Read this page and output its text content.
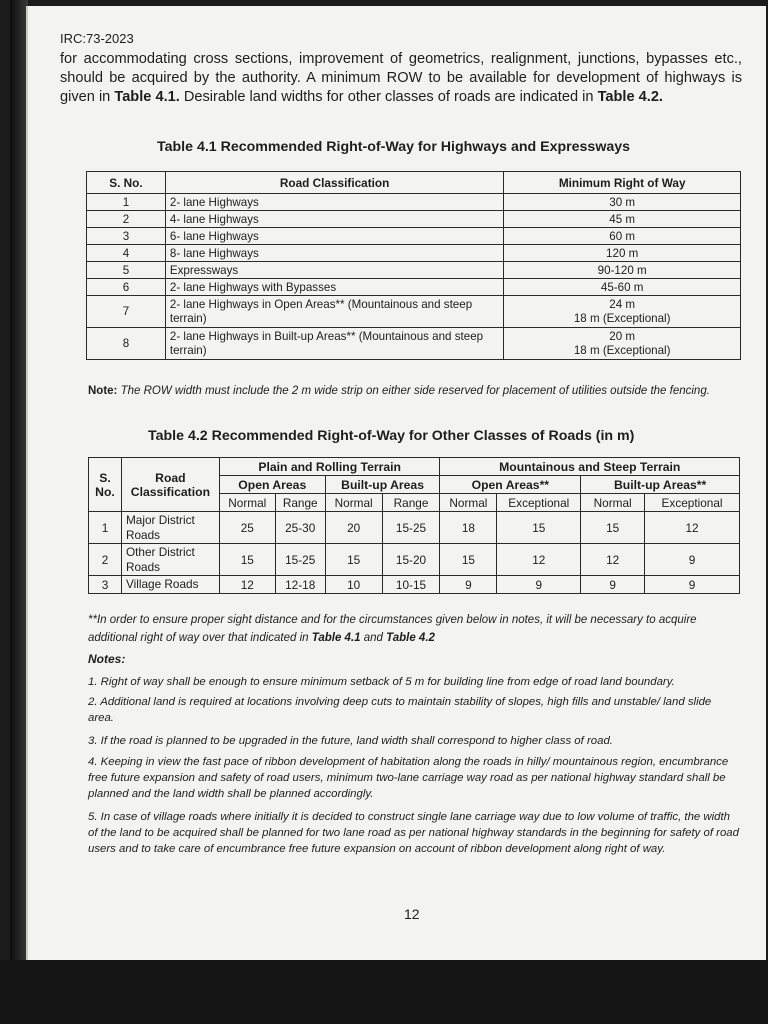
IRC:73-2023

for accommodating cross sections, improvement of geometrics, realignment, junctions, bypasses etc., should be acquired by the authority. A minimum ROW to be available for development of highways is given in Table 4.1. Desirable land widths for other classes of roads are indicated in Table 4.2.

Table 4.1 Recommended Right-of-Way for Highways and Expressways
S. No.	Road Classification	Minimum Right of Way
1	2- lane Highways	30 m
2	4- lane Highways	45 m
3	6- lane Highways	60 m
4	8- lane Highways	120 m
5	Expressways	90-120 m
6	2- lane Highways with Bypasses	45-60 m
7	2- lane Highways in Open Areas** (Mountainous and steep terrain)	24 m
18 m (Exceptional)

8	2- lane Highways in Built-up Areas** (Mountainous and steep terrain)	20 m
18 m (Exceptional)

Note: The ROW width must include the 2 m wide strip on either side reserved for placement of utilities outside the fencing.

Table 4.2 Recommended Right-of-Way for Other Classes of Roads (in m)
S. No.	Road Classification	Plain and Rolling Terrain				Mountainous and Steep Terrain			
		Open Areas		Built-up Areas		Open Areas**		Built-up Areas**	
		Normal	Range	Normal	Range	Normal	Exceptional	Normal	Exceptional
1	Major District Roads	25	25-30	20	15-25	18	15	15	12
2	Other District Roads	15	15-25	15	15-20	15	12	12	9
3	Village Roads	12	12-18	10	10-15	9	9	9	9

**In order to ensure proper sight distance and for the circumstances given below in notes, it will be necessary to acquire additional right of way over that indicated in Table 4.1 and Table 4.2

Notes:

1. Right of way shall be enough to ensure minimum setback of 5 m for building line from edge of road land boundary.

2. Additional land is required at locations involving deep cuts to maintain stability of slopes, high fills and unstable/ land slide area.

3. If the road is planned to be upgraded in the future, land width shall correspond to higher class of road.

4. Keeping in view the fast pace of ribbon development of habitation along the roads in hilly/ mountainous region, encumbrance free future expansion and safety of road users, minimum two-lane carriage way road as per national highway standard shall be planned and the land width shall be planned accordingly.

5. In case of village roads where initially it is decided to construct single lane carriage way due to low volume of traffic, the width of the land to be acquired shall be planned for two lane road as per national highway standards in the beginning for safety of road users and to take care of encumbrance free future expansion on account of ribbon development along right of way.

12
